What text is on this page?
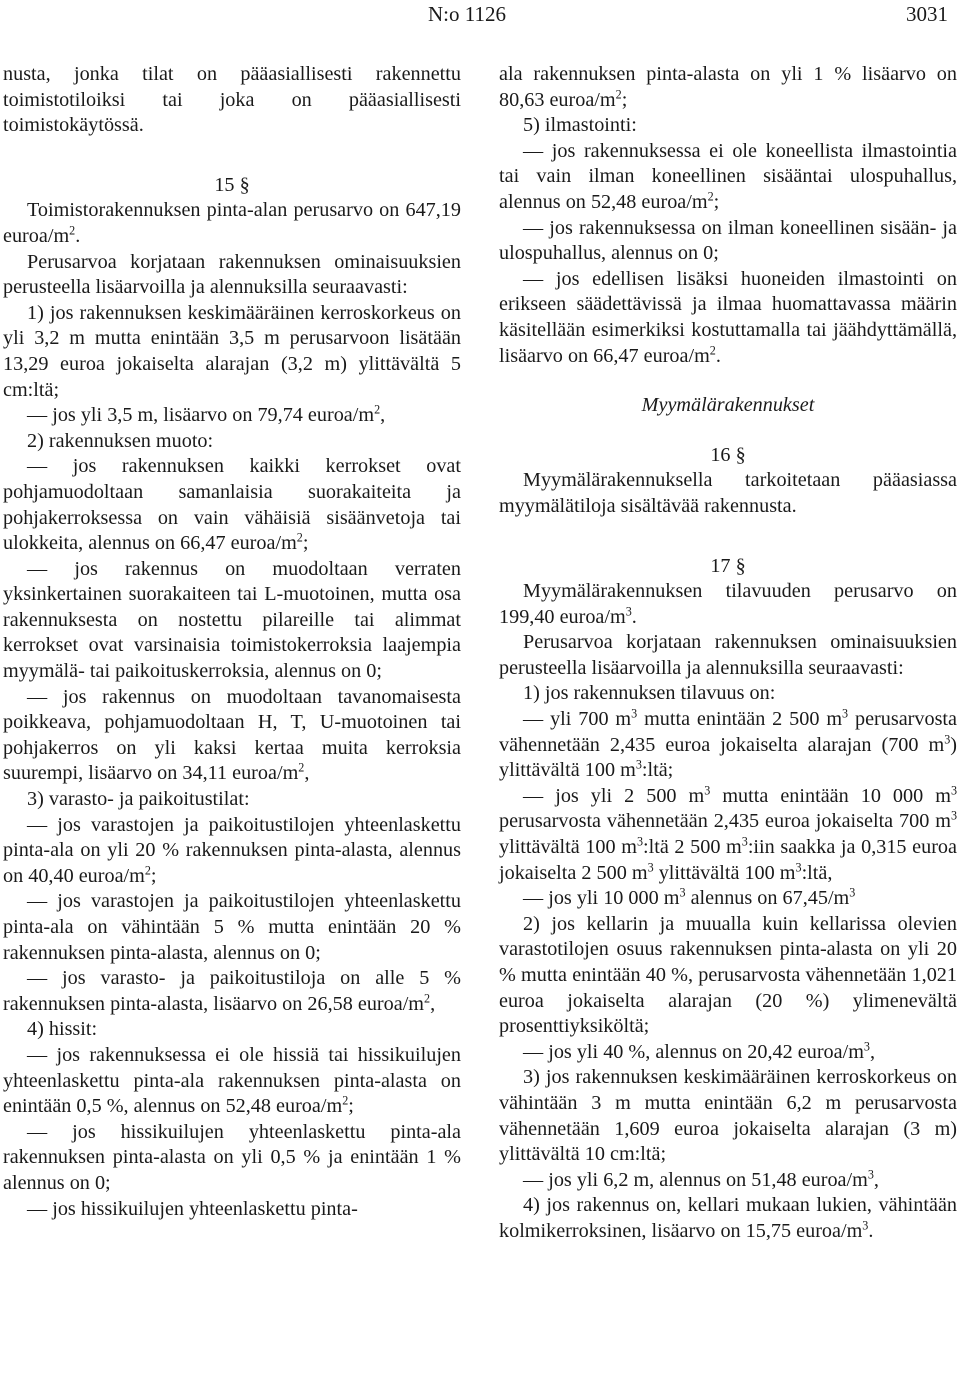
N:o 1126	3031

nusta, jonka tilat on pääasiallisesti rakennettu toimistotiloiksi tai joka on pääasiallisesti toimistokäytössä.

15 §

Toimistorakennuksen pinta-alan perusarvo on 647,19 euroa/$m^2$.

Perusarvoa korjataan rakennuksen ominaisuuksien perusteella lisäarvoilla ja alennuksilla seuraavasti:

1) jos rakennuksen keskimääräinen kerroskorkeus on yli 3,2 m mutta enintään 3,5 m perusarvoon lisätään 13,29 euroa jokaiselta alarajan (3,2 m) ylittävältä 5 cm:ltä;

— jos yli 3,5 m, lisäarvo on 79,74 euroa/$m^2$,

2) rakennuksen muoto:

— jos rakennuksen kaikki kerrokset ovat pohjamuodoltaan samanlaisia suorakaiteita ja pohjakerroksessa on vain vähäisiä sisäänvetoja tai ulokkeita, alennus on 66,47 euroa/$m^2$;

— jos rakennus on muodoltaan verraten yksinkertainen suorakaiteen tai L-muotoinen, mutta osa rakennuksesta on nostettu pilareille tai alimmat kerrokset ovat varsinaisia toimistokerroksia laajempia myymälä- tai paikoituskerroksia, alennus on 0;

— jos rakennus on muodoltaan tavanomaisesta poikkeava, pohjamuodoltaan H, T, U-muotoinen tai pohjakerros on yli kaksi kertaa muita kerroksia suurempi, lisäarvo on 34,11 euroa/$m^2$,

3) varasto- ja paikoitustilat:

— jos varastojen ja paikoitustilojen yhteenlaskettu pinta-ala on yli 20 % rakennuksen pinta-alasta, alennus on 40,40 euroa/$m^2$;

— jos varastojen ja paikoitustilojen yhteenlaskettu pinta-ala on vähintään 5 % mutta enintään 20 % rakennuksen pinta-alasta, alennus on 0;

— jos varasto- ja paikoitustiloja on alle 5 % rakennuksen pinta-alasta, lisäarvo on 26,58 euroa/$m^2$,

4) hissit:

— jos rakennuksessa ei ole hissiä tai hissikuilujen yhteenlaskettu pinta-ala rakennuksen pinta-alasta on enintään 0,5 %, alennus on 52,48 euroa/$m^2$;

— jos hissikuilujen yhteenlaskettu pinta-ala rakennuksen pinta-alasta on yli 0,5 % ja enintään 1 % alennus on 0;

— jos hissikuilujen yhteenlaskettu pinta-

ala rakennuksen pinta-alasta on yli 1 % lisäarvo on 80,63 euroa/$m^2$;

5) ilmastointi:

— jos rakennuksessa ei ole koneellista ilmastointia tai vain ilman koneellinen sisääntai ulospuhallus, alennus on 52,48 euroa/$m^2$;

— jos rakennuksessa on ilman koneellinen sisään- ja ulospuhallus, alennus on 0;

— jos edellisen lisäksi huoneiden ilmastointi on erikseen säädettävissä ja ilmaa huomattavassa määrin käsitellään esimerkiksi kostuttamalla tai jäähdyttämällä, lisäarvo on 66,47 euroa/$m^2$.

Myymälärakennukset

16 §

Myymälärakennuksella tarkoitetaan pääasiassa myymälätiloja sisältävää rakennusta.

17 §

Myymälärakennuksen tilavuuden perusarvo on 199,40 euroa/$m^3$.

Perusarvoa korjataan rakennuksen ominaisuuksien perusteella lisäarvoilla ja alennuksilla seuraavasti:

1) jos rakennuksen tilavuus on:

— yli 700 $m^3$ mutta enintään 2 500 $m^3$ perusarvosta vähennetään 2,435 euroa jokaiselta alarajan (700 $m^3$) ylittävältä 100 $m^3:ltä$;

— jos yli 2 500 $m^3$ mutta enintään 10 000 $m^3$ perusarvosta vähennetään 2,435 euroa jokaiselta 700 $m^3$ ylittävältä 100 $m^3:ltä$ 2 500 $m^3:iin$ saakka ja 0,315 euroa jokaiselta 2 500 $m^3$ ylittävältä 100 $m^3:ltä$,

— jos yli 10 000 $m^3$ alennus on $67,45/m^3$

2) jos kellarin ja muualla kuin kellarissa olevien varastotilojen osuus rakennuksen pinta-alasta on yli 20 % mutta enintään 40 %, perusarvosta vähennetään 1,021 euroa jokaiselta alarajan (20 %) ylimenevältä prosenttiyksiköltä;

— jos yli 40 %, alennus on 20,42 euroa/$m^3$,

3) jos rakennuksen keskimääräinen kerroskorkeus on vähintään 3 m mutta enintään 6,2 m perusarvosta vähennetään 1,609 euroa jokaiselta alarajan (3 m) ylittävältä 10 cm:ltä;

— jos yli 6,2 m, alennus on 51,48 euroa/$m^3$,

4) jos rakennus on, kellari mukaan lukien, vähintään kolmikerroksinen, lisäarvo on 15,75 euroa/$m^3$.
